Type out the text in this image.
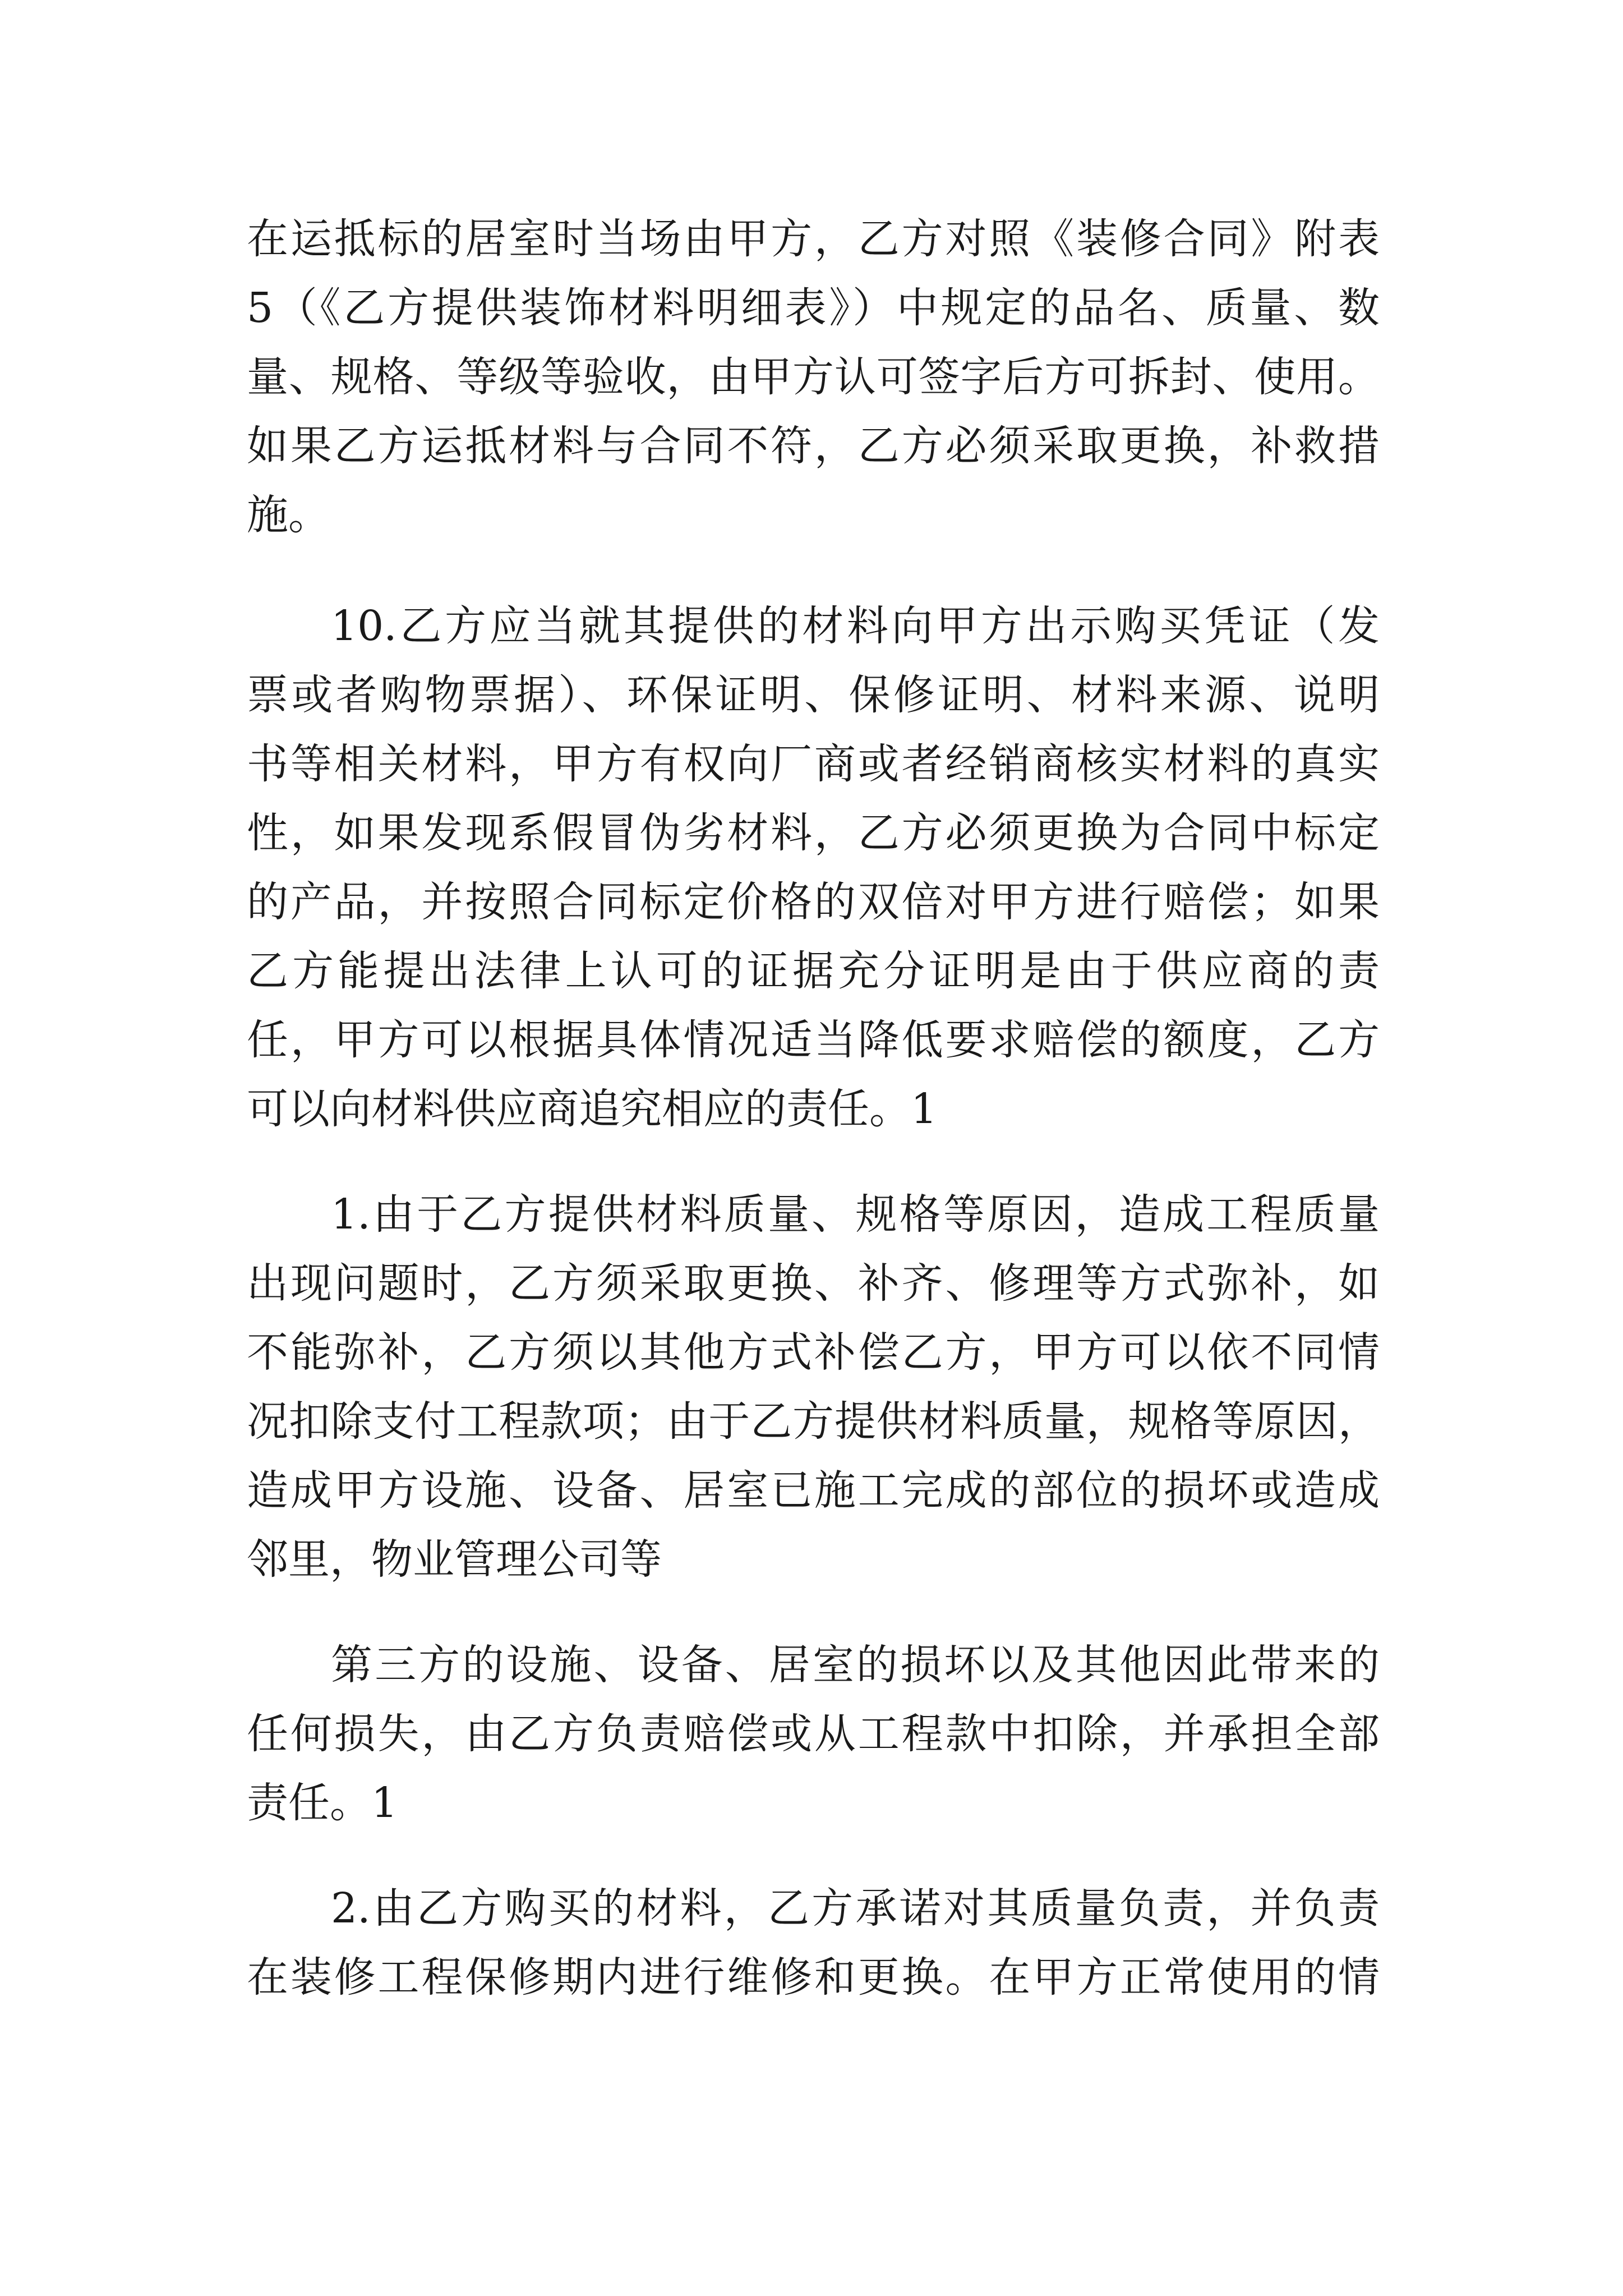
在运抵标的居室时当场由甲方，乙方对照《装修合同》附表
5（《乙方提供装饰材料明细表》）中规定的品名、质量、数
量、规格、等级等验收，由甲方认可签字后方可拆封、使用。
如果乙方运抵材料与合同不符，乙方必须采取更换，补救措
施。
10.乙方应当就其提供的材料向甲方出示购买凭证（发
票或者购物票据）、环保证明、保修证明、材料来源、说明
书等相关材料，甲方有权向厂商或者经销商核实材料的真实
性，如果发现系假冒伪劣材料，乙方必须更换为合同中标定
的产品，并按照合同标定价格的双倍对甲方进行赔偿；如果
乙方能提出法律上认可的证据充分证明是由于供应商的责
任，甲方可以根据具体情况适当降低要求赔偿的额度，乙方
可以向材料供应商追究相应的责任。1
1.由于乙方提供材料质量、规格等原因，造成工程质量
出现问题时，乙方须采取更换、补齐、修理等方式弥补，如
不能弥补，乙方须以其他方式补偿乙方，甲方可以依不同情
况扣除支付工程款项；由于乙方提供材料质量，规格等原因，
造成甲方设施、设备、居室已施工完成的部位的损坏或造成
邻里，物业管理公司等
第三方的设施、设备、居室的损坏以及其他因此带来的
任何损失，由乙方负责赔偿或从工程款中扣除，并承担全部
责任。1
2.由乙方购买的材料，乙方承诺对其质量负责，并负责
在装修工程保修期内进行维修和更换。在甲方正常使用的情
